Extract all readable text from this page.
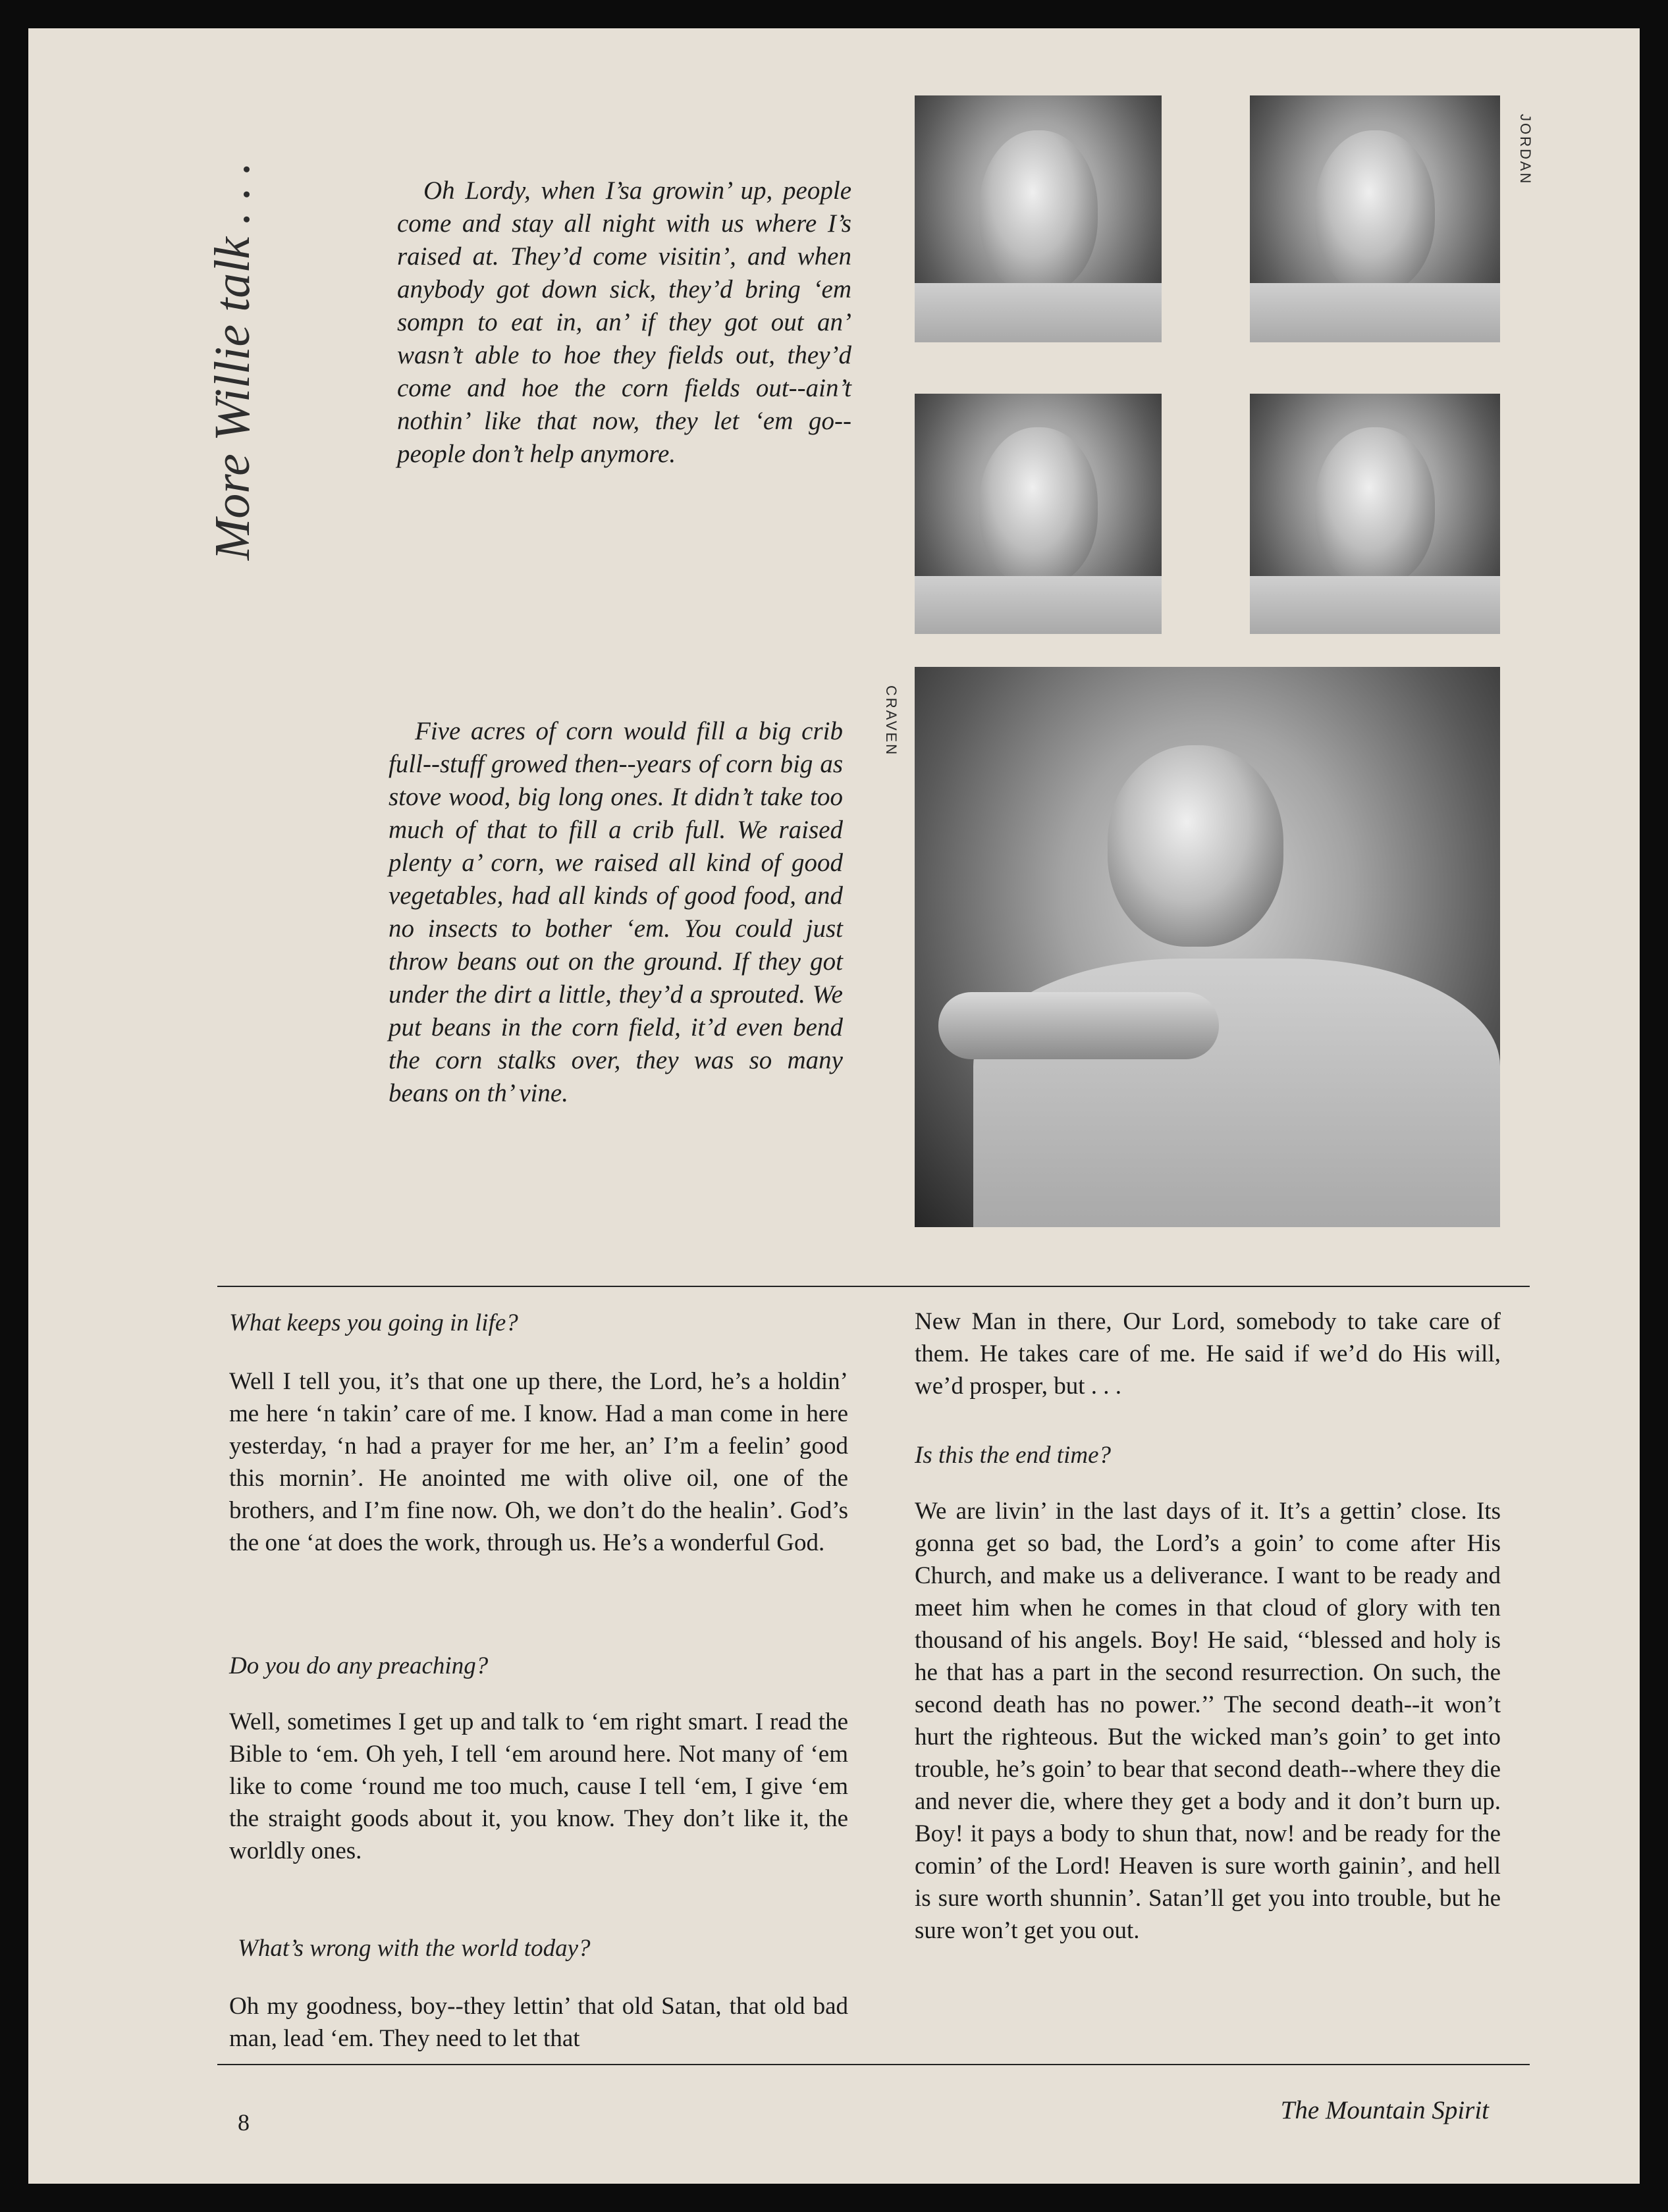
More Willie talk . . .	Oh Lordy, when I’sa growin’ up, people come and stay all night with us where I’s raised at. They’d come visitin’, and when anybody got down sick, they’d bring ‘em sompn to eat in, an’ if they got out an’ wasn’t able to hoe they fields out, they’d come and hoe the corn fields out--ain’t nothin’ like that now, they let ‘em go--people don’t help anymore.
Five acres of corn would fill a big crib full--stuff growed then--years of corn big as stove wood, big long ones. It didn’t take too much of that to fill a crib full. We raised plenty a’ corn, we raised all kind of good vegetables, had all kinds of good food, and no insects to bother ‘em. You could just throw beans out on the ground. If they got under the dirt a little, they’d a sprouted. We put beans in the corn field, it’d even bend the corn stalks over, they was so many beans on th’ vine.
JORDAN
CRAVEN
What keeps you going in life?
Well I tell you, it’s that one up there, the Lord, he’s a holdin’ me here ‘n takin’ care of me. I know. Had a man come in here yesterday, ‘n had a prayer for me her, an’ I’m a feelin’ good this mornin’. He anointed me with olive oil, one of the brothers, and I’m fine now. Oh, we don’t do the healin’. God’s the one ‘at does the work, through us. He’s a wonderful God.
Do you do any preaching?
Well, sometimes I get up and talk to ‘em right smart. I read the Bible to ‘em. Oh yeh, I tell ‘em around here. Not many of ‘em like to come ‘round me too much, cause I tell ‘em, I give ‘em the straight goods about it, you know. They don’t like it, the worldly ones.
What’s wrong with the world today?
Oh my goodness, boy--they lettin’ that old Satan, that old bad man, lead ‘em. They need to let that
New Man in there, Our Lord, somebody to take care of them. He takes care of me. He said if we’d do His will, we’d prosper, but . . .
Is this the end time?
We are livin’ in the last days of it. It’s a gettin’ close. Its gonna get so bad, the Lord’s a goin’ to come after His Church, and make us a deliverance. I want to be ready and meet him when he comes in that cloud of glory with ten thousand of his angels. Boy! He said, ‘‘blessed and holy is he that has a part in the second resurrection. On such, the second death has no power.’’ The second death--it won’t hurt the righteous. But the wicked man’s goin’ to get into trouble, he’s goin’ to bear that second death--where they die and never die, where they get a body and it don’t burn up. Boy! it pays a body to shun that, now! and be ready for the comin’ of the Lord! Heaven is sure worth gainin’, and hell is sure worth shunnin’. Satan’ll get you into trouble, but he sure won’t get you out.
8	The Mountain Spirit
